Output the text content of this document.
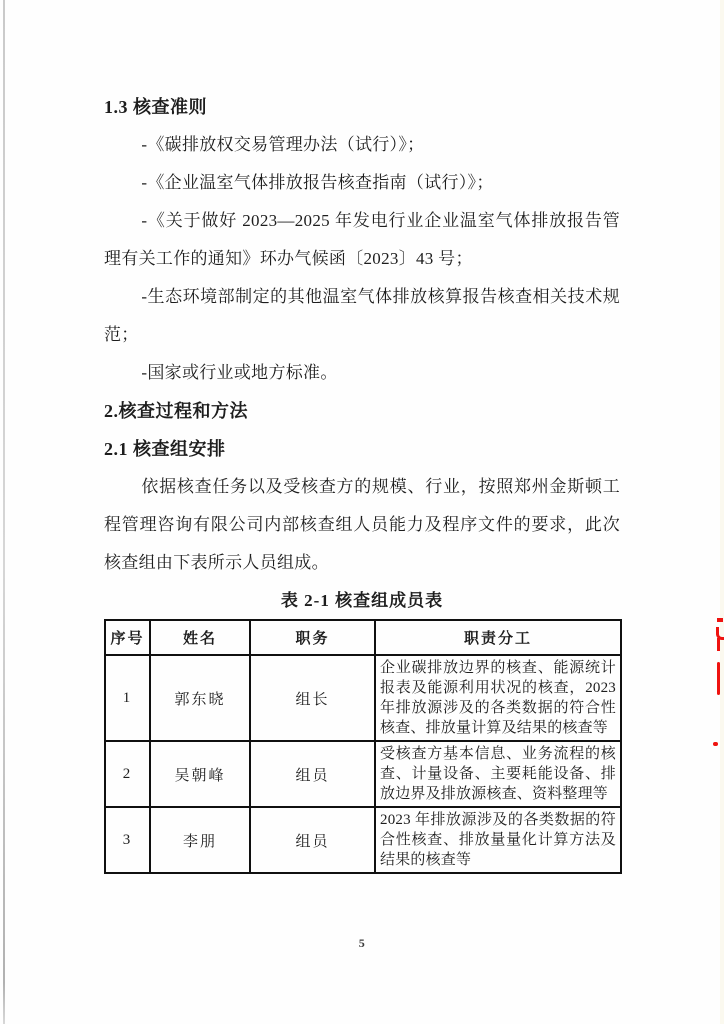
1.3 核查准则

-《碳排放权交易管理办法（试行）》；

-《企业温室气体排放报告核查指南（试行）》；

-《关于做好 2023—2025 年发电行业企业温室气体排放报告管理有关工作的通知》环办气候函〔2023〕43 号；

-生态环境部制定的其他温室气体排放核算报告核查相关技术规范；

-国家或行业或地方标准。

2.核查过程和方法
2.1 核查组安排

依据核查任务以及受核查方的规模、行业，按照郑州金斯顿工程管理咨询有限公司内部核查组人员能力及程序文件的要求，此次核查组由下表所示人员组成。

表 2-1 核查组成员表
序号	姓名	职务	职责分工
1	郭东晓	组长	企业碳排放边界的核查、能源统计报表及能源利用状况的核查，2023 年排放源涉及的各类数据的符合性核查、排放量计算及结果的核查等
2	吴朝峰	组员	受核查方基本信息、业务流程的核查、计量设备、主要耗能设备、排放边界及排放源核查、资料整理等
3	李朋	组员	2023 年排放源涉及的各类数据的符合性核查、排放量量化计算方法及结果的核查等
5
